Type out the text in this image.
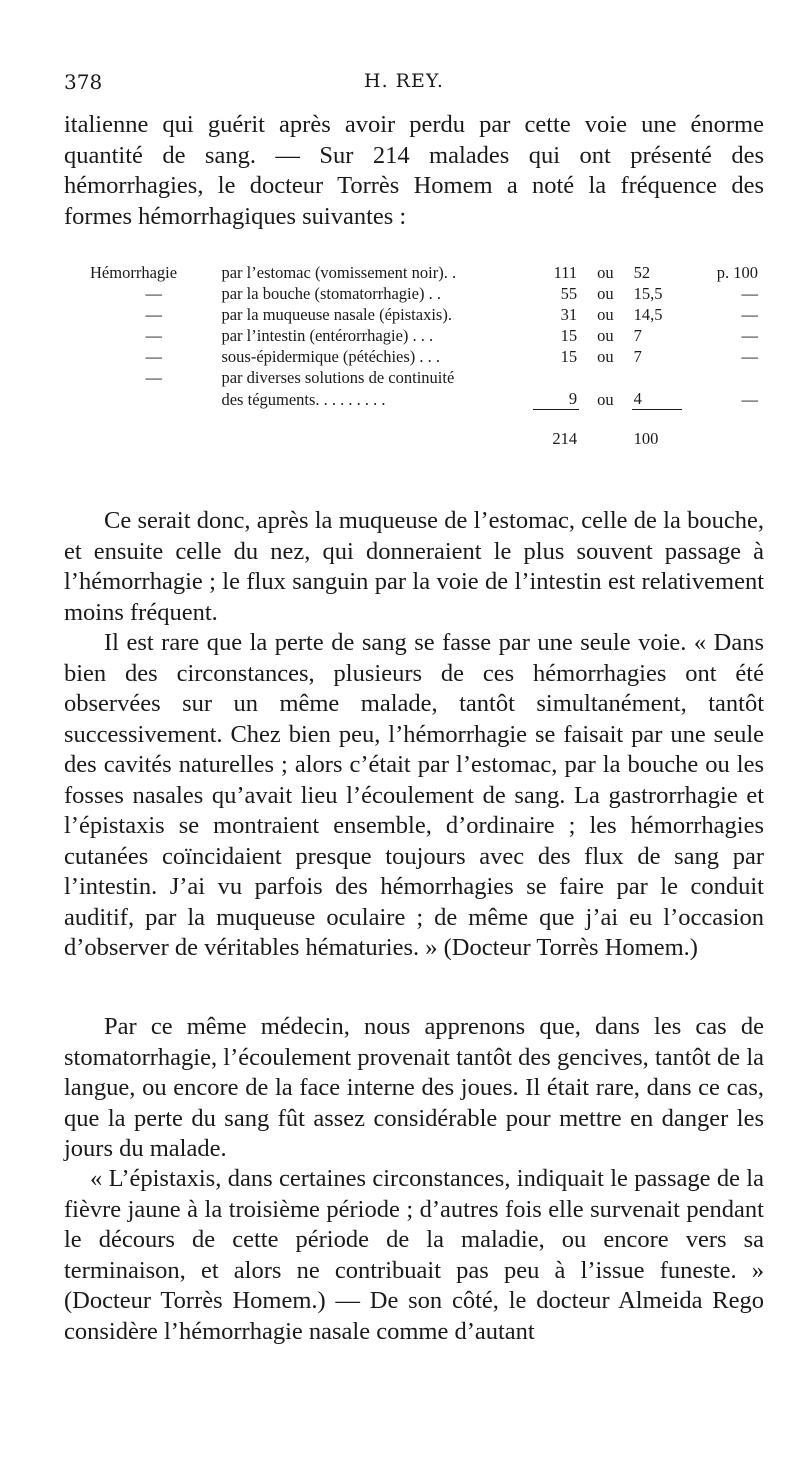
378	H. REY.

italienne qui guérit après avoir perdu par cette voie une énorme quantité de sang. — Sur 214 malades qui ont présenté des hémorrhagies, le docteur Torrès Homem a noté la fréquence des formes hémorrhagiques suivantes :

Hémorrhagie	par l’estomac (vomissement noir). .	111	ou	52	p. 100
—	par la bouche (stomatorrhagie) . .	55	ou	15,5	—
—	par la muqueuse nasale (épistaxis).	31	ou	14,5	—
—	par l’intestin (entérorrhagie) . . .	15	ou	7	—
—	sous-épidermique (pétéchies) . . .	15	ou	7	—
—	par diverses solutions de continuité				
	des téguments. . . . . . . . .	9	ou	4	—
		214		100	

Ce serait donc, après la muqueuse de l’estomac, celle de la bouche, et ensuite celle du nez, qui donneraient le plus souvent passage à l’hémorrhagie ; le flux sanguin par la voie de l’intestin est relativement moins fréquent.

Il est rare que la perte de sang se fasse par une seule voie. « Dans bien des circonstances, plusieurs de ces hémorrhagies ont été observées sur un même malade, tantôt simultanément, tantôt successivement. Chez bien peu, l’hémorrhagie se faisait par une seule des cavités naturelles ; alors c’était par l’estomac, par la bouche ou les fosses nasales qu’avait lieu l’écoulement de sang. La gastrorrhagie et l’épistaxis se montraient ensemble, d’ordinaire ; les hémorrhagies cutanées coïncidaient presque toujours avec des flux de sang par l’intestin. J’ai vu parfois des hémorrhagies se faire par le conduit auditif, par la muqueuse oculaire ; de même que j’ai eu l’occasion d’observer de véritables hématuries. » (Docteur Torrès Homem.)

Par ce même médecin, nous apprenons que, dans les cas de stomatorrhagie, l’écoulement provenait tantôt des gencives, tantôt de la langue, ou encore de la face interne des joues. Il était rare, dans ce cas, que la perte du sang fût assez considérable pour mettre en danger les jours du malade.

« L’épistaxis, dans certaines circonstances, indiquait le passage de la fièvre jaune à la troisième période ; d’autres fois elle survenait pendant le décours de cette période de la maladie, ou encore vers sa terminaison, et alors ne contribuait pas peu à l’issue funeste. » (Docteur Torrès Homem.) — De son côté, le docteur Almeida Rego considère l’hémorrhagie nasale comme d’autant
